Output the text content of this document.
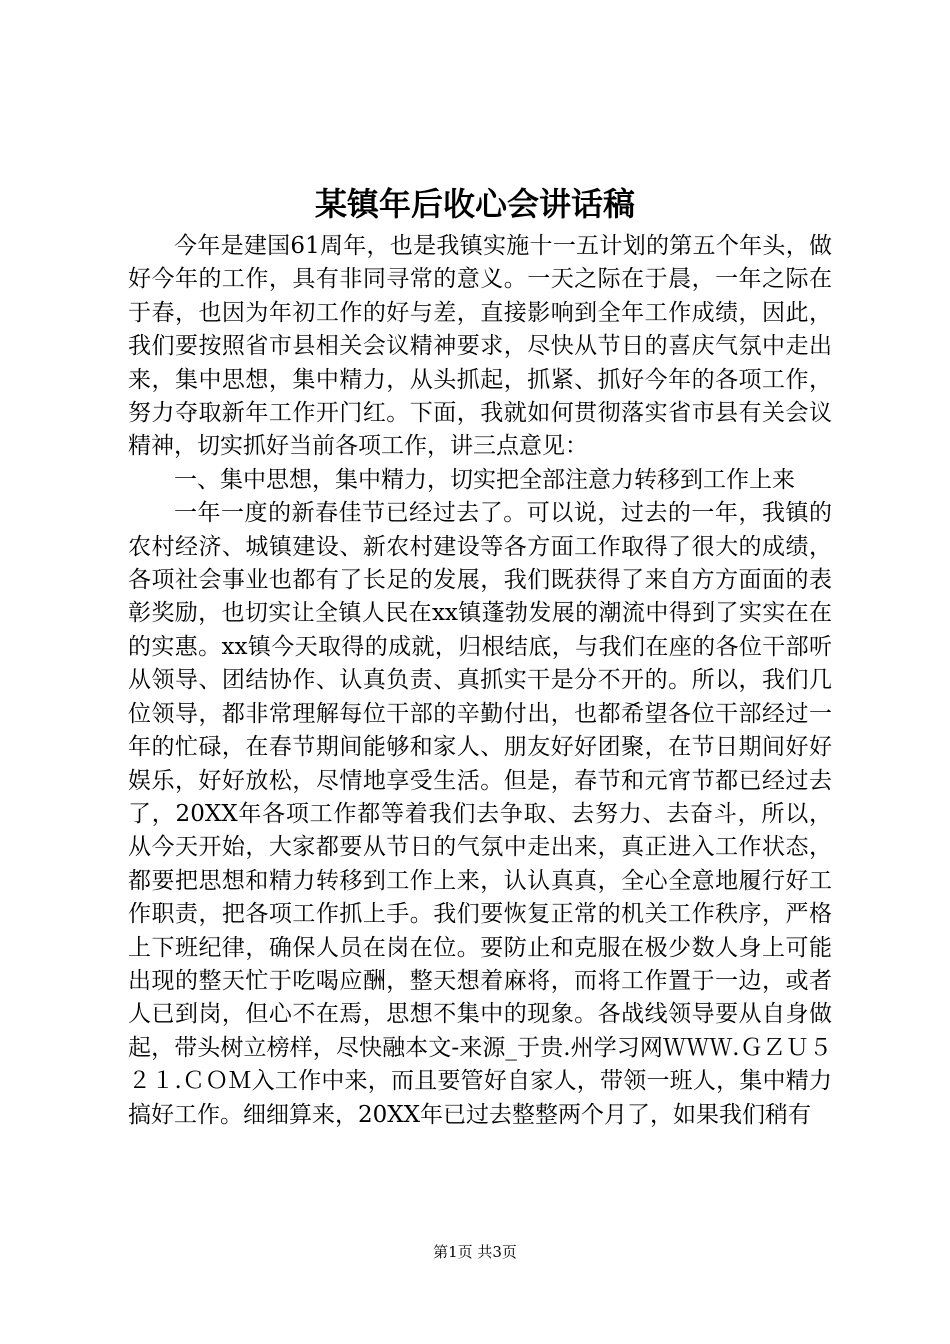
某镇年后收心会讲话稿

今年是建国61周年，也是我镇实施十一五计划的第五个年头，做好今年的工作，具有非同寻常的意义。一天之际在于晨，一年之际在于春，也因为年初工作的好与差，直接影响到全年工作成绩，因此，我们要按照省市县相关会议精神要求，尽快从节日的喜庆气氛中走出来，集中思想，集中精力，从头抓起，抓紧、抓好今年的各项工作，努力夺取新年工作开门红。下面，我就如何贯彻落实省市县有关会议精神，切实抓好当前各项工作，讲三点意见：

一、集中思想，集中精力，切实把全部注意力转移到工作上来

一年一度的新春佳节已经过去了。可以说，过去的一年，我镇的农村经济、城镇建设、新农村建设等各方面工作取得了很大的成绩，各项社会事业也都有了长足的发展，我们既获得了来自方方面面的表彰奖励，也切实让全镇人民在xx镇蓬勃发展的潮流中得到了实实在在的实惠。xx镇今天取得的成就，归根结底，与我们在座的各位干部听从领导、团结协作、认真负责、真抓实干是分不开的。所以，我们几位领导，都非常理解每位干部的辛勤付出，也都希望各位干部经过一年的忙碌，在春节期间能够和家人、朋友好好团聚，在节日期间好好娱乐，好好放松，尽情地享受生活。但是，春节和元宵节都已经过去了，20XX年各项工作都等着我们去争取、去努力、去奋斗，所以，从今天开始，大家都要从节日的气氛中走出来，真正进入工作状态，都要把思想和精力转移到工作上来，认认真真，全心全意地履行好工作职责，把各项工作抓上手。我们要恢复正常的机关工作秩序，严格上下班纪律，确保人员在岗在位。要防止和克服在极少数人身上可能出现的整天忙于吃喝应酬，整天想着麻将，而将工作置于一边，或者人已到岗，但心不在焉，思想不集中的现象。各战线领导要从自身做起，带头树立榜样，尽快融本文-来源_于贵.州学习网ＷＷＷ.ＧＺＵ５２１.ＣＯＭ入工作中来，而且要管好自家人，带领一班人，集中精力搞好工作。细细算来，20XX年已过去整整两个月了，如果我们稍有

第1页 共3页
